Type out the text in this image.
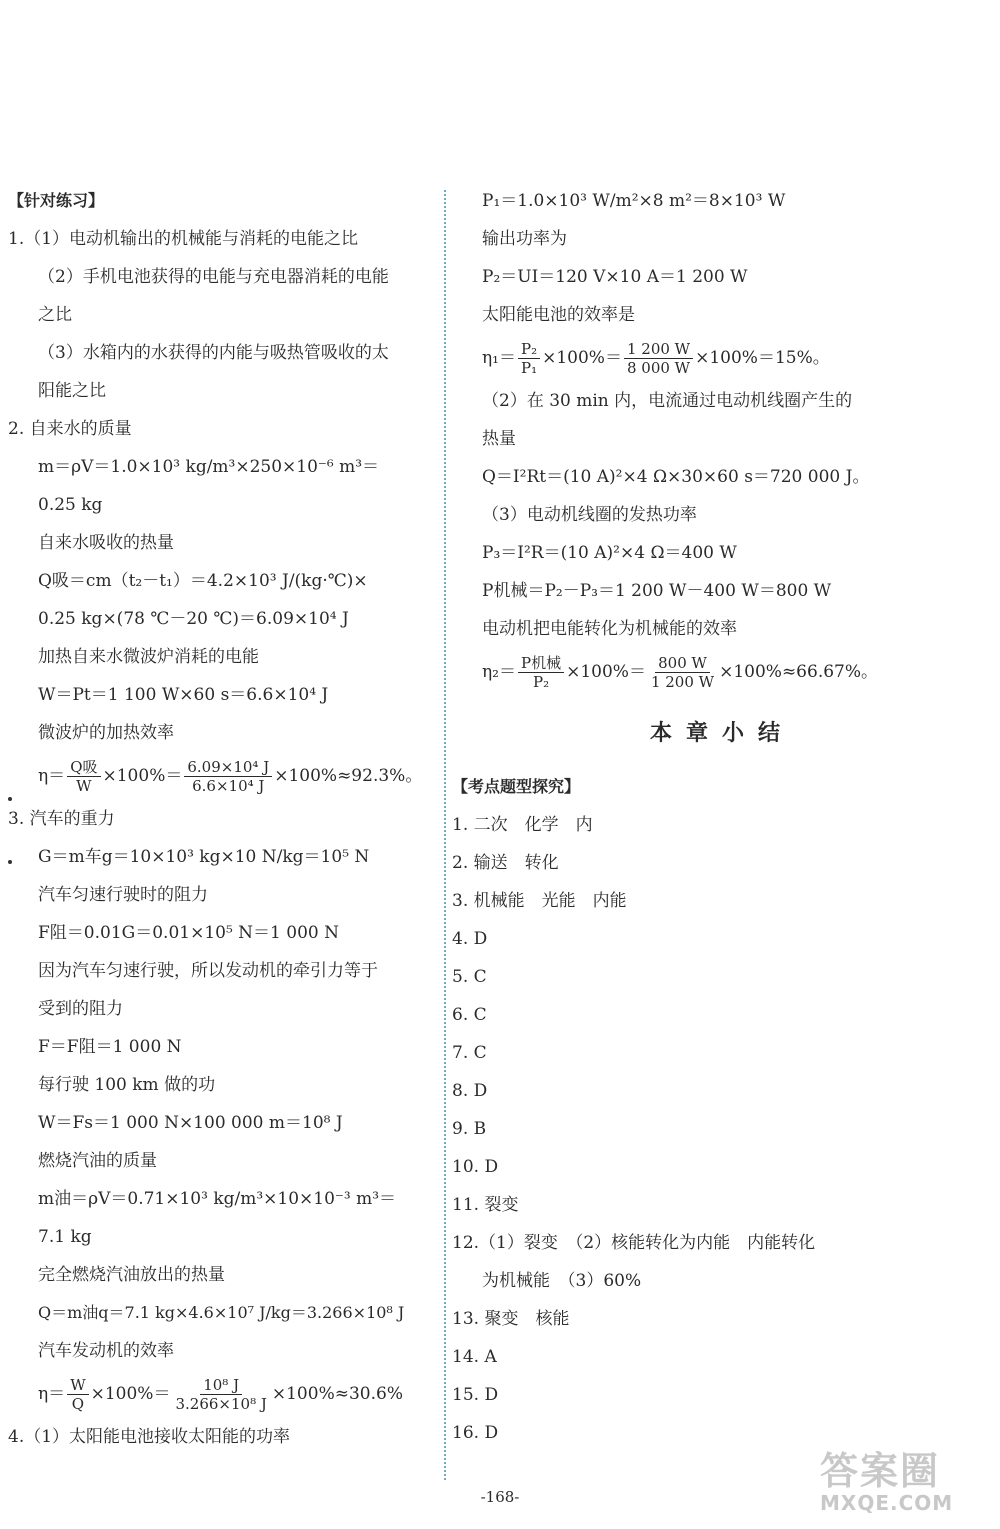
【针对练习】
1.（1）电动机输出的机械能与消耗的电能之比
（2）手机电池获得的电能与充电器消耗的电能
之比
（3）水箱内的水获得的内能与吸热管吸收的太
阳能之比
2. 自来水的质量
m＝ρV＝1.0×10³ kg/m³×250×10⁻⁶ m³＝
0.25 kg
自来水吸收的热量
Q吸＝cm（t₂－t₁）＝4.2×10³ J/(kg·℃)×
0.25 kg×(78 ℃－20 ℃)＝6.09×10⁴ J
加热自来水微波炉消耗的电能
W＝Pt＝1 100 W×60 s＝6.6×10⁴ J
微波炉的加热效率
$\eta= \frac{\text{Q吸}}{W} \times 100\%= \frac{\text{6.09×10⁴ J}}{\text{6.6×10⁴ J}} \times 100\%\approx 92.3\%$。
3. 汽车的重力
G＝m车g＝10×10³ kg×10 N/kg＝10⁵ N
汽车匀速行驶时的阻力
F阻＝0.01G＝0.01×10⁵ N＝1 000 N
因为汽车匀速行驶，所以发动机的牵引力等于
受到的阻力
F＝F阻＝1 000 N
每行驶 100 km 做的功
W＝Fs＝1 000 N×100 000 m＝10⁸ J
燃烧汽油的质量
m油＝ρV＝0.71×10³ kg/m³×10×10⁻³ m³＝
7.1 kg
完全燃烧汽油放出的热量
Q＝m油q＝7.1 kg×4.6×10⁷ J/kg＝3.266×10⁸ J
汽车发动机的效率
$\eta= \frac{W}{Q} \times 100\%= \frac{\text{10⁸ J}}{\text{3.266×10⁸ J}} \times 100\%\approx 30.6\%$
4.（1）太阳能电池接收太阳能的功率
P₁＝1.0×10³ W/m²×8 m²＝8×10³ W
输出功率为
P₂＝UI＝120 V×10 A＝1 200 W
太阳能电池的效率是
$\eta_1= \frac{\text{P₂}}{\text{P₁}} \times 100\%= \frac{1 200 W}{8 000 W} \times 100\%=15\%$。
（2）在 30 min 内，电流通过电动机线圈产生的
热量
Q＝I²Rt＝(10 A)²×4 Ω×30×60 s＝720 000 J。
（3）电动机线圈的发热功率
P₃＝I²R＝(10 A)²×4 Ω＝400 W
P机械＝P₂－P₃＝1 200 W－400 W＝800 W
电动机把电能转化为机械能的效率
$\eta_2= \frac{\text{P机械}}{\text{P₂}} \times 100\%= \frac{800 W}{1 200 W} \times 100\%\approx 66.67\%$。
本章小结
【考点题型探究】
1. 二次　化学　内
2. 输送　转化
3. 机械能　光能　内能
4. D
5. C
6. C
7. C
8. D
9. B
10. D
11. 裂变
12.（1）裂变　（2）核能转化为内能　内能转化
为机械能　（3）60%
13. 聚变　核能
14. A
15. D
16. D
-168-
答案圈
MXQE.COM
